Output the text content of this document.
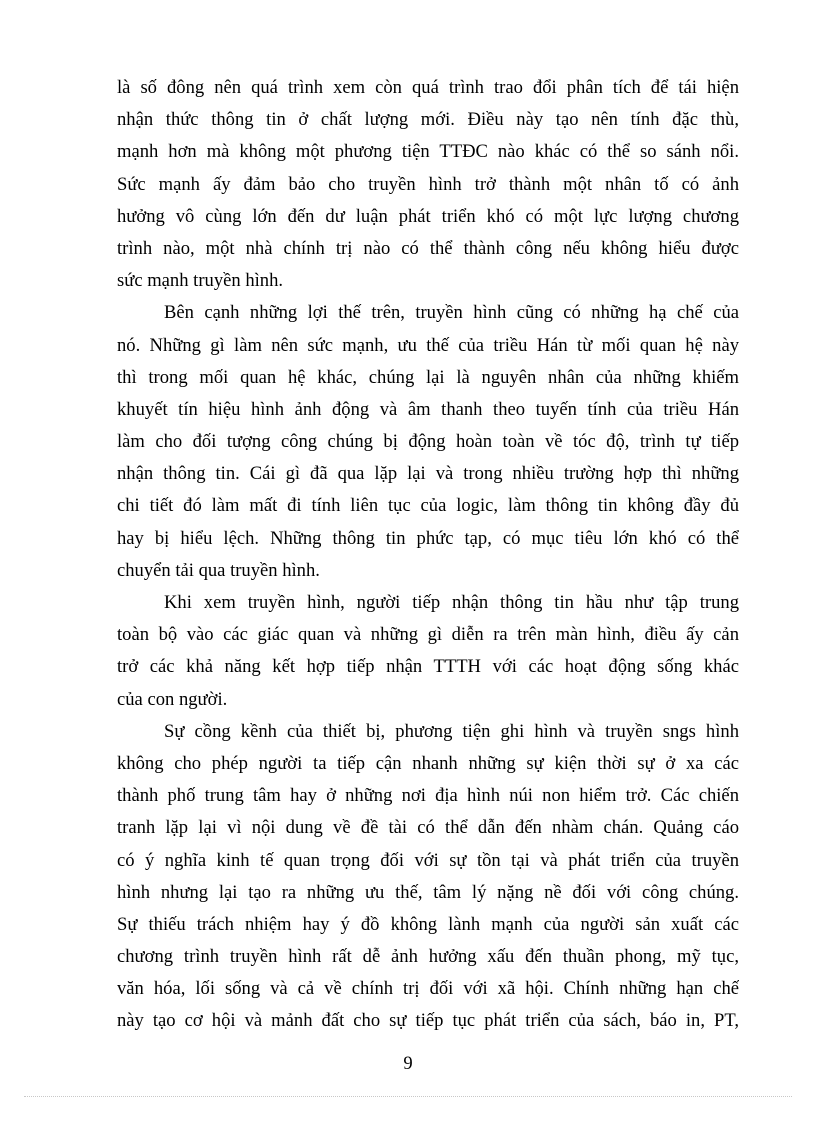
là số đông nên quá trình xem còn quá trình trao đổi phân tích để tái hiện
nhận thức thông tin ở chất lượng mới. Điều này tạo nên tính đặc thù,
mạnh hơn mà không một phương tiện TTĐC nào khác có thể so sánh nổi.
Sức mạnh ấy đảm bảo cho truyền hình trở thành một nhân tố có ảnh
hưởng vô cùng lớn đến dư luận phát triển khó có một lực lượng chương
trình nào, một nhà chính trị nào có thể thành công nếu không hiểu được
sức mạnh truyền hình.
Bên cạnh những lợi thế trên, truyền hình cũng có những hạ chế của
nó. Những gì làm nên sức mạnh, ưu thế của triều Hán từ mối quan hệ này
thì trong mối quan hệ khác, chúng lại là nguyên nhân của những khiếm
khuyết tín hiệu hình ảnh động và âm thanh theo tuyến tính của triều Hán
làm cho đối tượng công chúng bị động hoàn toàn về tóc độ, trình tự tiếp
nhận thông tin. Cái gì đã qua lặp lại và trong nhiều trường hợp thì những
chi tiết đó làm mất đi tính liên tục của logic, làm thông tin không đầy đủ
hay bị hiểu lệch. Những thông tin phức tạp, có mục tiêu lớn khó có thể
chuyển tải qua truyền hình.
Khi xem truyền hình, người tiếp nhận thông tin hầu như tập trung
toàn bộ vào các giác quan và những gì diễn ra trên màn hình, điều ấy cản
trở các khả năng kết hợp tiếp nhận TTTH với các hoạt động sống khác
của con người.
Sự cồng kềnh của thiết bị, phương tiện ghi hình và truyền sngs hình
không cho phép người ta tiếp cận nhanh những sự kiện thời sự ở xa các
thành phố trung tâm hay ở những nơi địa hình núi non hiểm trở. Các chiến
tranh lặp lại vì nội dung về đề tài có thể dẫn đến nhàm chán. Quảng cáo
có ý nghĩa kinh tế quan trọng đối với sự tồn tại và phát triển của truyền
hình nhưng lại tạo ra những ưu thế, tâm lý nặng nề đối với công chúng.
Sự thiếu trách nhiệm hay ý đồ không lành mạnh của người sản xuất các
chương trình truyền hình rất dễ ảnh hưởng xấu đến thuần phong, mỹ tục,
văn hóa, lối sống và cả về chính trị đối với xã hội. Chính những hạn chế
này tạo cơ hội và mảnh đất cho sự tiếp tục phát triển của sách, báo in, PT,
9
